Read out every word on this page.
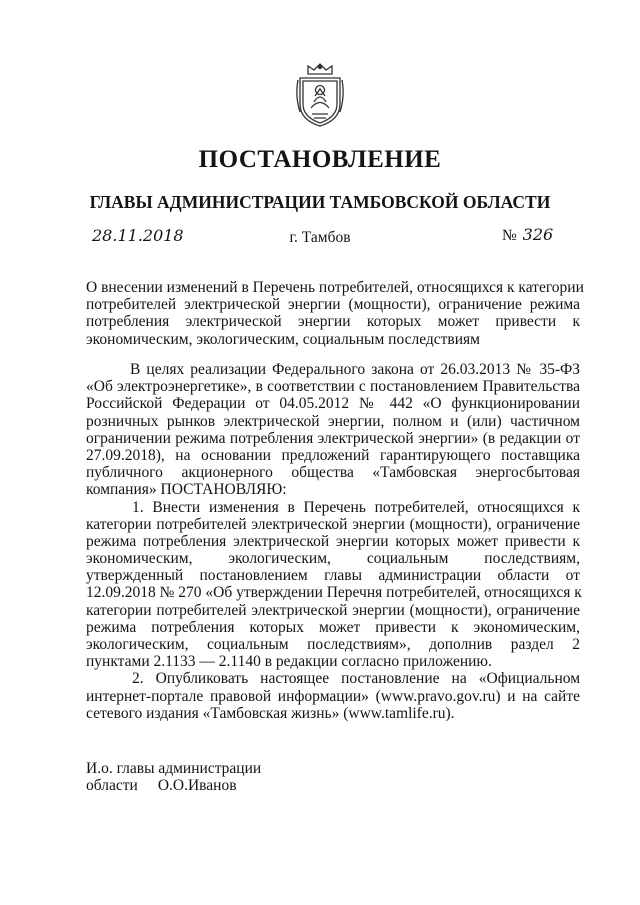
ПОСТАНОВЛЕНИЕ
ГЛАВЫ АДМИНИСТРАЦИИ ТАМБОВСКОЙ ОБЛАСТИ
28.11.2018	г. Тамбов	№ 326
О внесении изменений в Перечень потребителей, относящихся к категории
потребителей электрической энергии (мощности), ограничение режима
потребления электрической энергии которых может привести к
экономическим, экологическим, социальным последствиям
В целях реализации Федерального закона от 26.03.2013 № 35-ФЗ
«Об электроэнергетике», в соответствии с постановлением Правительства
Российской Федерации от 04.05.2012 № 442 «О функционировании
розничных рынков электрической энергии, полном и (или) частичном
ограничении режима потребления электрической энергии» (в редакции от
27.09.2018), на основании предложений гарантирующего поставщика
публичного акционерного общества «Тамбовская энергосбытовая
компания» ПОСТАНОВЛЯЮ:
1. Внести изменения в Перечень потребителей, относящихся к
категории потребителей электрической энергии (мощности), ограничение
режима потребления электрической энергии которых может привести к
экономическим, экологическим, социальным последствиям,
утвержденный постановлением главы администрации области от
12.09.2018 № 270 «Об утверждении Перечня потребителей, относящихся к
категории потребителей электрической энергии (мощности), ограничение
режима потребления которых может привести к экономическим,
экологическим, социальным последствиям», дополнив раздел 2
пунктами 2.1133 — 2.1140 в редакции согласно приложению.
2. Опубликовать настоящее постановление на «Официальном
интернет-портале правовой информации» (www.pravo.gov.ru) и на сайте
сетевого издания «Тамбовская жизнь» (www.tamlife.ru).
И.о. главы администрации
области О.О.Иванов
